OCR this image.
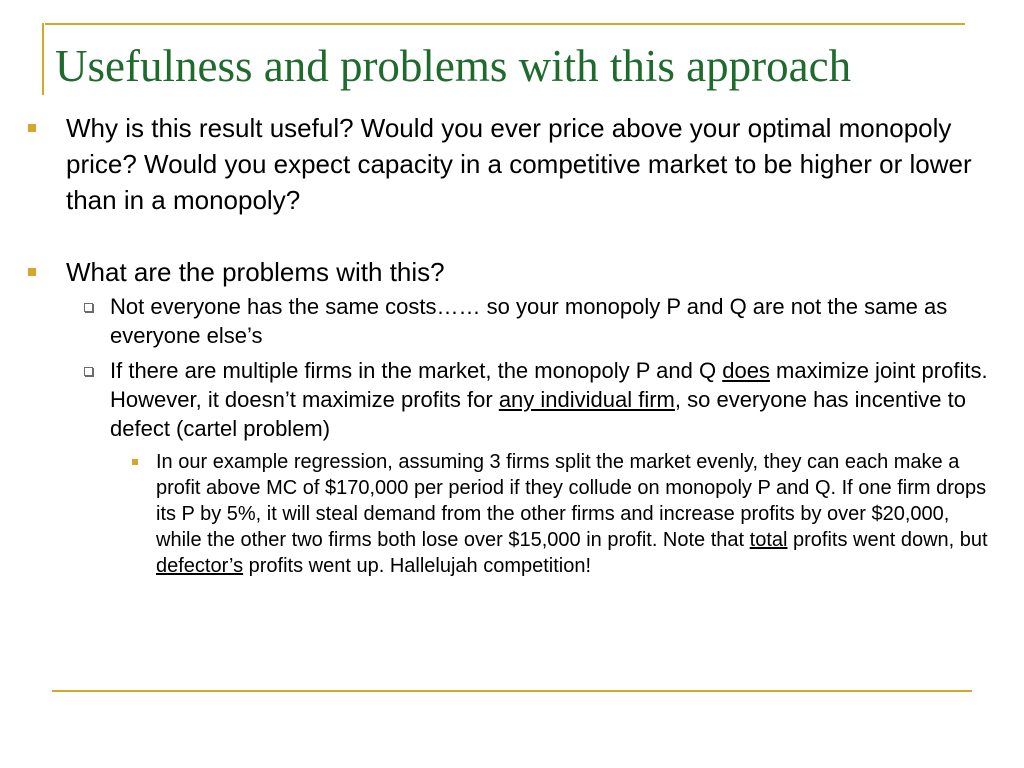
Usefulness and problems with this approach
Why is this result useful? Would you ever price above your optimal monopoly price? Would you expect capacity in a competitive market to be higher or lower than in a monopoly?
What are the problems with this?
Not everyone has the same costs…… so your monopoly P and Q are not the same as everyone else’s
If there are multiple firms in the market, the monopoly P and Q does maximize joint profits. However, it doesn’t maximize profits for any individual firm, so everyone has incentive to defect (cartel problem)
In our example regression, assuming 3 firms split the market evenly, they can each make a profit above MC of $170,000 per period if they collude on monopoly P and Q. If one firm drops its P by 5%, it will steal demand from the other firms and increase profits by over $20,000, while the other two firms both lose over $15,000 in profit. Note that total profits went down, but defector’s profits went up. Hallelujah competition!
